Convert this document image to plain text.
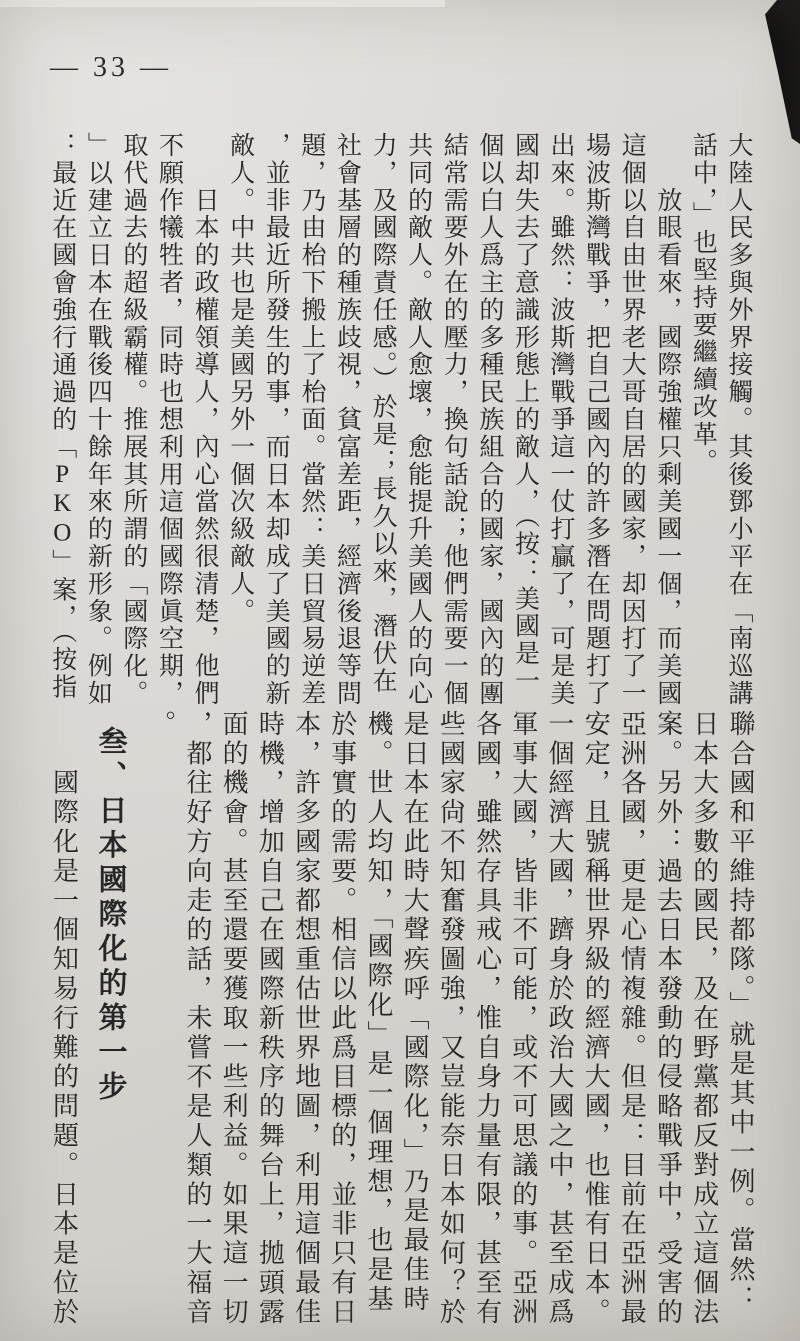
— 33 —
大陸人民多與外界接觸。其後鄧小平在「南巡講
話中，」也堅持要繼續改革。
　　放眼看來，國際強權只剩美國一個，而美國
這個以自由世界老大哥自居的國家，却因打了一
場波斯灣戰爭，把自己國內的許多潛在問題打了
出來。雖然：波斯灣戰爭這一仗打贏了，可是美
國却失去了意識形態上的敵人，（按：美國是一
個以白人爲主的多種民族組合的國家，國內的團
結常需要外在的壓力，換句話說；他們需要一個
共同的敵人。敵人愈壞，愈能提升美國人的向心
力，及國際責任感。）於是；長久以來，潛伏在
社會基層的種族歧視，貧富差距，經濟後退等問
題，乃由枱下搬上了枱面。當然：美日貿易逆差
，並非最近所發生的事，而日本却成了美國的新
敵人。中共也是美國另外一個次級敵人。
　　日本的政權領導人，內心當然很清楚，他們
不願作犧牲者，同時也想利用這個國際眞空期，
取代過去的超級霸權。推展其所謂的「國際化。
」以建立日本在戰後四十餘年來的新形象。例如
：最近在國會強行通過的「PKO」案，（按指
聯合國和平維持都隊。」就是其中一例。當然：
日本大多數的國民，及在野黨都反對成立這個法
案。另外：過去日本發動的侵略戰爭中，受害的
亞洲各國，更是心情複雜。但是：目前在亞洲最
安定，且號稱世界級的經濟大國，也惟有日本。
一個經濟大國，躋身於政治大國之中，甚至成爲
軍事大國，皆非不可能，或不可思議的事。亞洲
各國，雖然存具戒心，惟自身力量有限，甚至有
些國家尙不知奮發圖強，又豈能奈日本如何？於
是日本在此時大聲疾呼「國際化，」乃是最佳時
機。世人均知，「國際化」是一個理想，也是基
於事實的需要。相信以此爲目標的，並非只有日
本，許多國家都想重估世界地圖，利用這個最佳
時機，增加自己在國際新秩序的舞台上，拋頭露
面的機會。甚至還要獲取一些利益。如果這一切
，都往好方向走的話，未嘗不是人類的一大福音
。
叁、日本國際化的第一步
　　國際化是一個知易行難的問題。日本是位於
